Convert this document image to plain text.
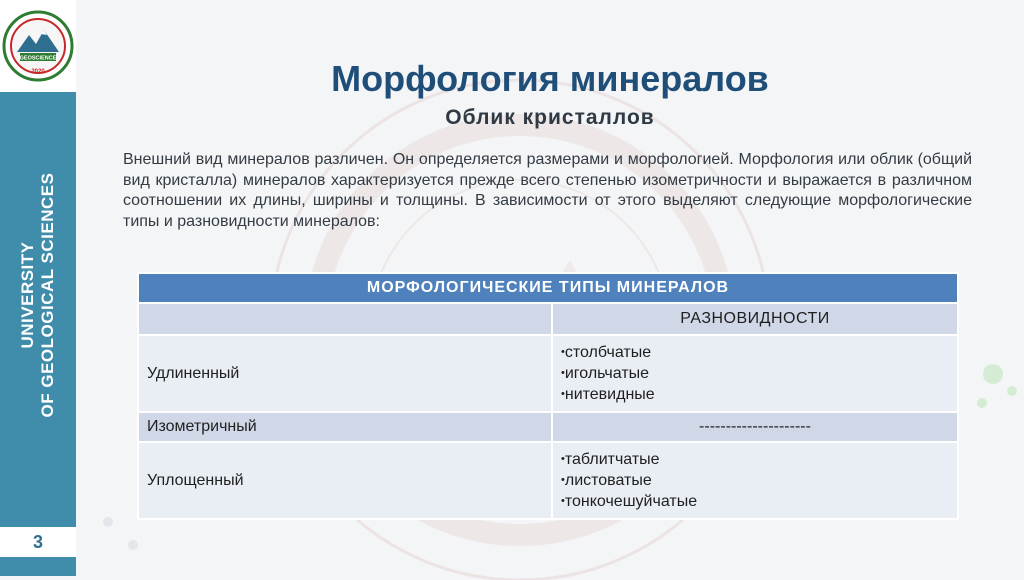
GEOSCIENCE
2020
UNIVERSITY OF GEOLOGICAL SCIENCES
3
Морфология минералов
Облик кристаллов

Внешний вид минералов различен. Он определяется размерами и морфологией. Морфология или облик (общий вид кристалла) минералов характеризуется прежде всего степенью изометричности и выражается в различном соотношении их длины, ширины и толщины. В зависимости от этого выделяют следующие морфологические типы и разновидности минералов:

МОРФОЛОГИЧЕСКИЕ ТИПЫ МИНЕРАЛОВ	
	РАЗНОВИДНОСТИ
Удлиненный	•столбчатые
•игольчатые
•нитевидные

Изометричный	---------------------
Уплощенный	•таблитчатые
•листоватые
•тонкочешуйчатые
